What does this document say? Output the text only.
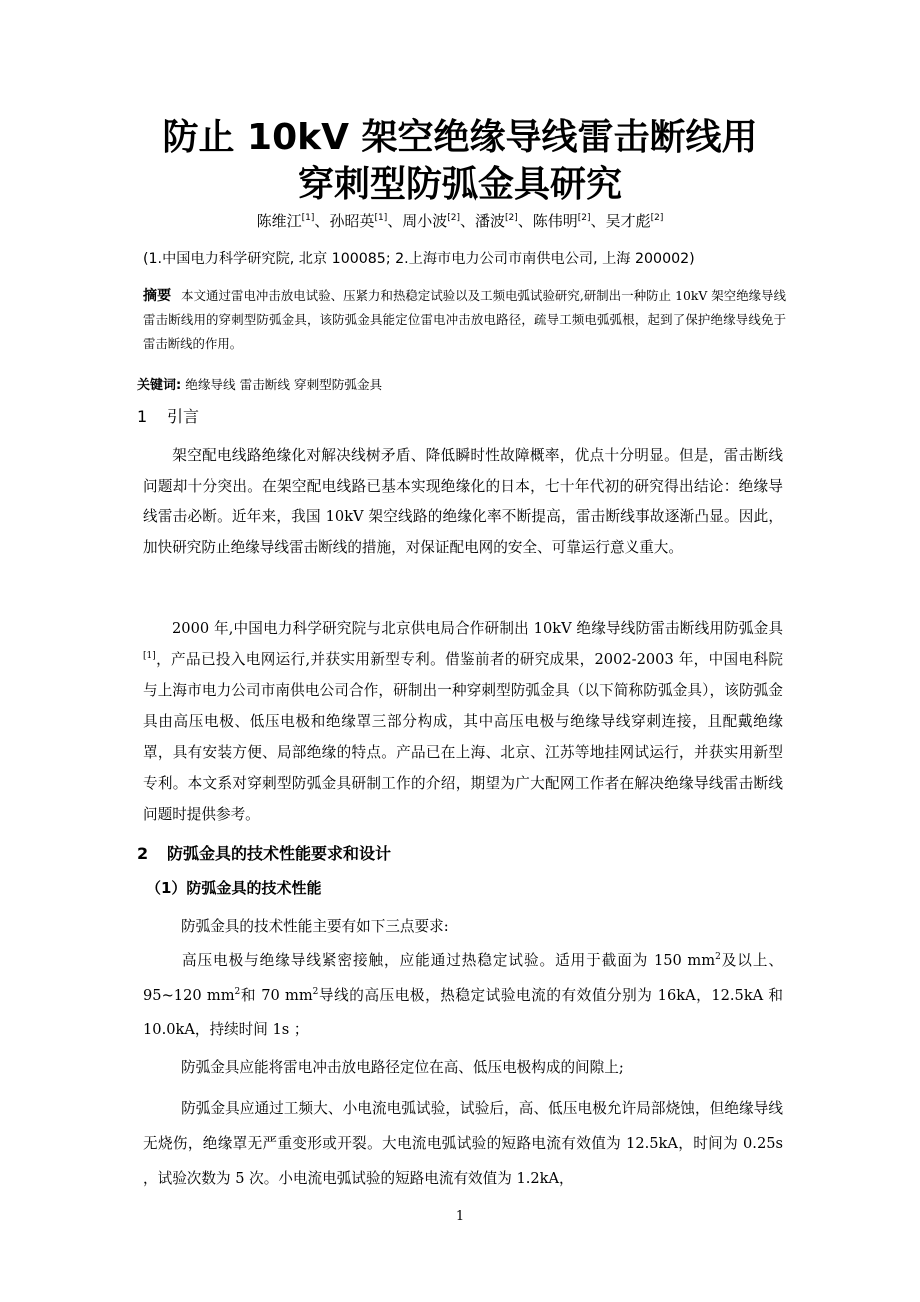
防止 10kV 架空绝缘导线雷击断线用
穿刺型防弧金具研究
陈维江[1]、孙昭英[1]、周小波[2]、潘波[2]、陈伟明[2]、吴才彪[2]
(1.中国电力科学研究院, 北京 100085; 2.上海市电力公司市南供电公司, 上海 200002)
摘要 本文通过雷电冲击放电试验、压紧力和热稳定试验以及工频电弧试验研究,研制出一种防止 10kV 架空绝缘导线雷击断线用的穿刺型防弧金具，该防弧金具能定位雷电冲击放电路径，疏导工频电弧弧根，起到了保护绝缘导线免于雷击断线的作用。
关键词: 绝缘导线 雷击断线 穿刺型防弧金具
1 引言

架空配电线路绝缘化对解决线树矛盾、降低瞬时性故障概率，优点十分明显。但是，雷击断线问题却十分突出。在架空配电线路已基本实现绝缘化的日本，七十年代初的研究得出结论：绝缘导线雷击必断。近年来，我国 10kV 架空线路的绝缘化率不断提高，雷击断线事故逐渐凸显。因此，加快研究防止绝缘导线雷击断线的措施，对保证配电网的安全、可靠运行意义重大。

2000 年,中国电力科学研究院与北京供电局合作研制出 10kV 绝缘导线防雷击断线用防弧金具[1]，产品已投入电网运行,并获实用新型专利。借鉴前者的研究成果，2002-2003 年，中国电科院与上海市电力公司市南供电公司合作，研制出一种穿刺型防弧金具（以下简称防弧金具），该防弧金具由高压电极、低压电极和绝缘罩三部分构成，其中高压电极与绝缘导线穿刺连接，且配戴绝缘罩，具有安装方便、局部绝缘的特点。产品已在上海、北京、江苏等地挂网试运行，并获实用新型专利。本文系对穿刺型防弧金具研制工作的介绍，期望为广大配网工作者在解决绝缘导线雷击断线问题时提供参考。

2 防弧金具的技术性能要求和设计
（1）防弧金具的技术性能

防弧金具的技术性能主要有如下三点要求:

高压电极与绝缘导线紧密接触，应能通过热稳定试验。适用于截面为 150 $mm^2$及以上、95~120 $mm^2$和 70 $mm^2$导线的高压电极，热稳定试验电流的有效值分别为 16kA，12.5kA 和 10.0kA，持续时间 1s ；

防弧金具应能将雷电冲击放电路径定位在高、低压电极构成的间隙上;

防弧金具应通过工频大、小电流电弧试验，试验后，高、低压电极允许局部烧蚀，但绝缘导线无烧伤，绝缘罩无严重变形或开裂。大电流电弧试验的短路电流有效值为 12.5kA，时间为 0.25s ，试验次数为 5 次。小电流电弧试验的短路电流有效值为 1.2kA，

1
